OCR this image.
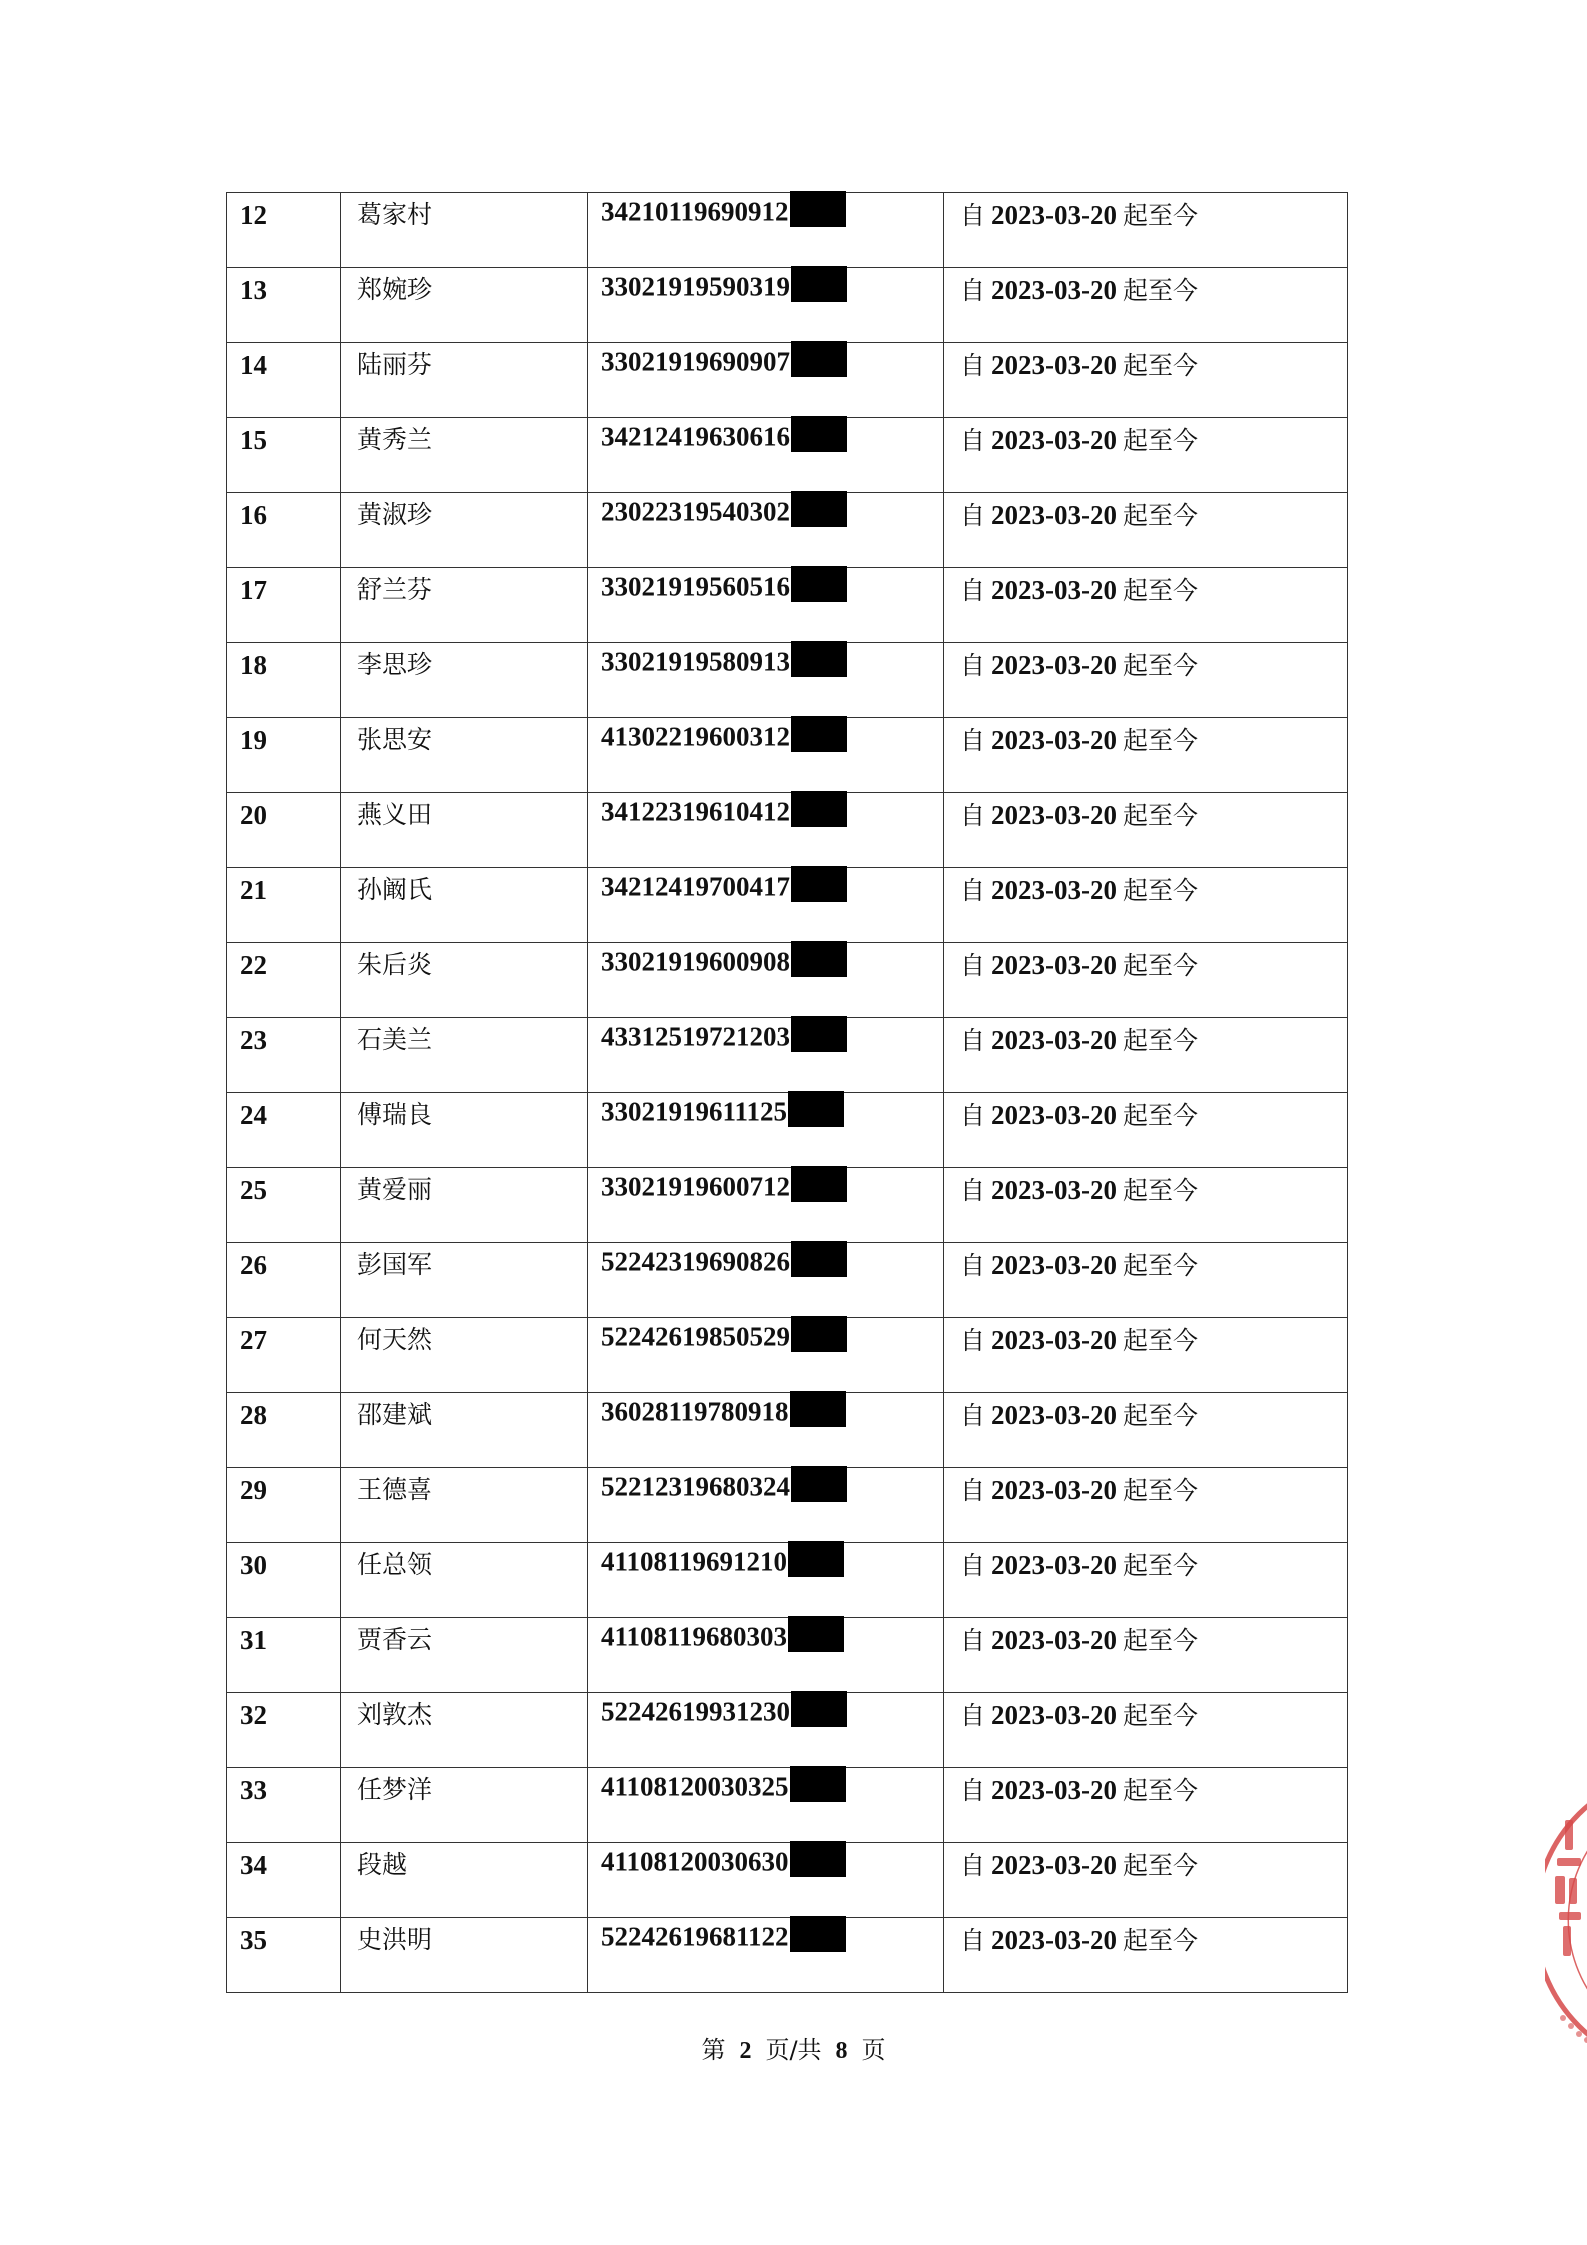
12	葛家村	34210119690912	自 2023-03-20 起至今

13	郑婉珍	33021919590319	自 2023-03-20 起至今

14	陆丽芬	33021919690907	自 2023-03-20 起至今

15	黄秀兰	34212419630616	自 2023-03-20 起至今

16	黄淑珍	23022319540302	自 2023-03-20 起至今

17	舒兰芬	33021919560516	自 2023-03-20 起至今

18	李思珍	33021919580913	自 2023-03-20 起至今

19	张思安	41302219600312	自 2023-03-20 起至今

20	燕义田	34122319610412	自 2023-03-20 起至今

21	孙阚氏	34212419700417	自 2023-03-20 起至今

22	朱后炎	33021919600908	自 2023-03-20 起至今

23	石美兰	43312519721203	自 2023-03-20 起至今

24	傅瑞良	33021919611125	自 2023-03-20 起至今

25	黄爱丽	33021919600712	自 2023-03-20 起至今

26	彭国军	52242319690826	自 2023-03-20 起至今

27	何天然	52242619850529	自 2023-03-20 起至今

28	邵建斌	36028119780918	自 2023-03-20 起至今

29	王德喜	52212319680324	自 2023-03-20 起至今

30	任总领	41108119691210	自 2023-03-20 起至今

31	贾香云	41108119680303	自 2023-03-20 起至今

32	刘敦杰	52242619931230	自 2023-03-20 起至今

33	任梦洋	41108120030325	自 2023-03-20 起至今

34	段越	41108120030630	自 2023-03-20 起至今

35	史洪明	52242619681122	自 2023-03-20 起至今
第 2 页/共 8 页
